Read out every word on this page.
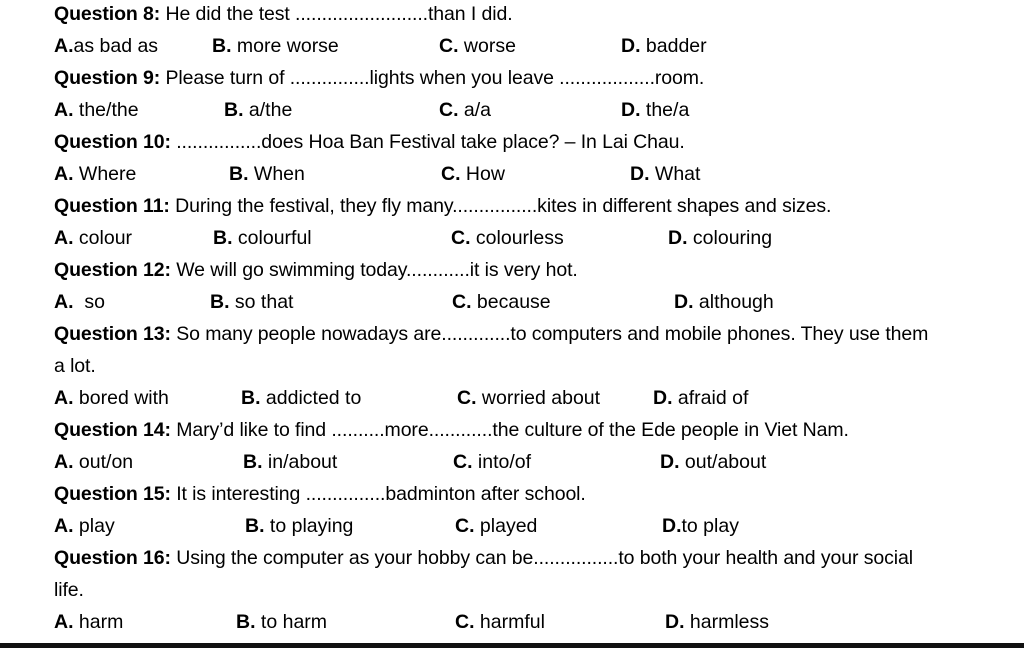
Question 8: He did the test .........................than I did.
A.as bad as	B. more worse	C. worse	D. badder
Question 9: Please turn of ...............lights when you leave ..................room.
A. the/the	B. a/the	C. a/a	D. the/a
Question 10: ................does Hoa Ban Festival take place? – In Lai Chau.
A. Where	B. When	C. How	D. What
Question 11: During the festival, they fly many................kites in different shapes and sizes.
A. colour	B. colourful	C. colourless	D. colouring
Question 12: We will go swimming today............it is very hot.
A.  so	B. so that	C. because	D. although
Question 13: So many people nowadays are.............to computers and mobile phones. They use them
a lot.
A. bored with	B. addicted to	C. worried about	D. afraid of
Question 14: Mary’d like to find ..........more............the culture of the Ede people in Viet Nam.
A. out/on	B. in/about	C. into/of	D. out/about
Question 15: It is interesting ...............badminton after school.
A. play	B. to playing	C. played	D.to play
Question 16: Using the computer as your hobby can be................to both your health and your social
life.
A. harm	B. to harm	C. harmful	D. harmless
